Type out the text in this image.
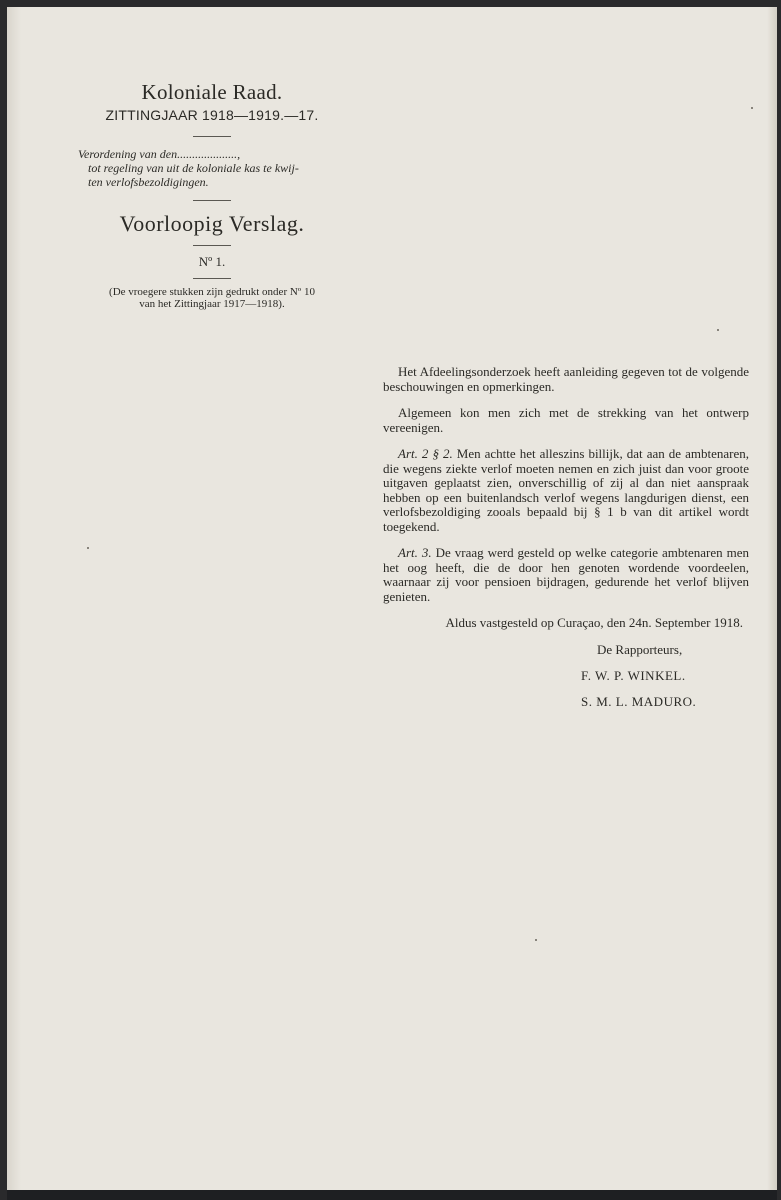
Koloniale Raad.

ZITTINGJAAR 1918—1919.—17.

Verordening van den....................,
tot regeling van uit de koloniale kas te kwij-
ten verlofsbezoldigingen.

Voorloopig Verslag.

Nº 1.

(De vroegere stukken zijn gedrukt onder Nº 10

van het Zittingjaar 1917—1918).

Het Afdeelingsonderzoek heeft aanleiding gegeven tot de volgende beschouwingen en opmerkingen.

Algemeen kon men zich met de strekking van het ontwerp vereenigen.

Art. 2 § 2. Men achtte het alleszins billijk, dat aan de ambtenaren, die wegens ziekte verlof moeten nemen en zich juist dan voor groote uitgaven geplaatst zien, onverschillig of zij al dan niet aanspraak hebben op een buitenlandsch verlof wegens langdurigen dienst, een verlofsbezoldiging zooals bepaald bij § 1 b van dit artikel wordt toegekend.

Art. 3. De vraag werd gesteld op welke categorie ambtenaren men het oog heeft, die de door hen genoten wordende voordeelen, waarnaar zij voor pensioen bijdragen, gedurende het verlof blijven genieten.

Aldus vastgesteld op Curaçao, den 24n. September 1918.
De Rapporteurs,
F. W. P. WINKEL.
S. M. L. MADURO.
